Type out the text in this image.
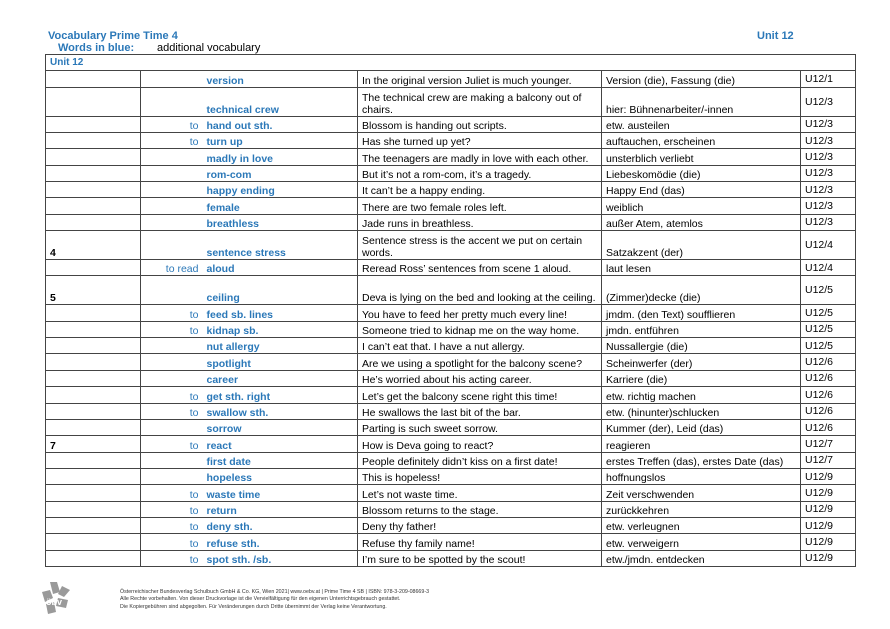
Vocabulary Prime Time 4	Unit 12
Words in blue: additional vocabulary
Unit 12					
		version	In the original version Juliet is much younger.	Version (die), Fassung (die)	U12/1
		technical crew	The technical crew are making a balcony out of chairs.	hier: Bühnenarbeiter/-innen	U12/3
	to	hand out sth.	Blossom is handing out scripts.	etw. austeilen	U12/3
	to	turn up	Has she turned up yet?	auftauchen, erscheinen	U12/3
		madly in love	The teenagers are madly in love with each other.	unsterblich verliebt	U12/3
		rom-com	But it’s not a rom-com, it’s a tragedy.	Liebeskomödie (die)	U12/3
		happy ending	It can’t be a happy ending.	Happy End (das)	U12/3
		female	There are two female roles left.	weiblich	U12/3
		breathless	Jade runs in breathless.	außer Atem, atemlos	U12/3
4		sentence stress	Sentence stress is the accent we put on certain words.	Satzakzent (der)	U12/4
	to read	aloud	Reread Ross’ sentences from scene 1 aloud.	laut lesen	U12/4
5		ceiling	Deva is lying on the bed and looking at the ceiling.	(Zimmer)decke (die)	U12/5
	to	feed sb. lines	You have to feed her pretty much every line!	jmdm. (den Text) soufflieren	U12/5
	to	kidnap sb.	Someone tried to kidnap me on the way home.	jmdn. entführen	U12/5
		nut allergy	I can’t eat that. I have a nut allergy.	Nussallergie (die)	U12/5
		spotlight	Are we using a spotlight for the balcony scene?	Scheinwerfer (der)	U12/6
		career	He’s worried about his acting career.	Karriere (die)	U12/6
	to	get sth. right	Let’s get the balcony scene right this time!	etw. richtig machen	U12/6
	to	swallow sth.	He swallows the last bit of the bar.	etw. (hinunter)schlucken	U12/6
		sorrow	Parting is such sweet sorrow.	Kummer (der), Leid (das)	U12/6
7	to	react	How is Deva going to react?	reagieren	U12/7
		first date	People definitely didn’t kiss on a first date!	erstes Treffen (das), erstes Date (das)	U12/7
		hopeless	This is hopeless!	hoffnungslos	U12/9
	to	waste time	Let’s not waste time.	Zeit verschwenden	U12/9
	to	return	Blossom returns to the stage.	zurückkehren	U12/9
	to	deny sth.	Deny thy father!	etw. verleugnen	U12/9
	to	refuse sth.	Refuse thy family name!	etw. verweigern	U12/9
	to	spot sth. /sb.	I’m sure to be spotted by the scout!	etw./jmdn. entdecken	U12/9
öbv
Österreichischer Bundesverlag Schulbuch GmbH & Co. KG, Wien 2021| www.oebv.at | Prime Time 4 SB | ISBN: 978-3-209-08669-3
Alle Rechte vorbehalten. Von dieser Druckvorlage ist die Vervielfältigung für den eigenen Unterrichtsgebrauch gestattet.
Die Kopiergebühren sind abgegolten. Für Veränderungen durch Dritte übernimmt der Verlag keine Verantwortung.
